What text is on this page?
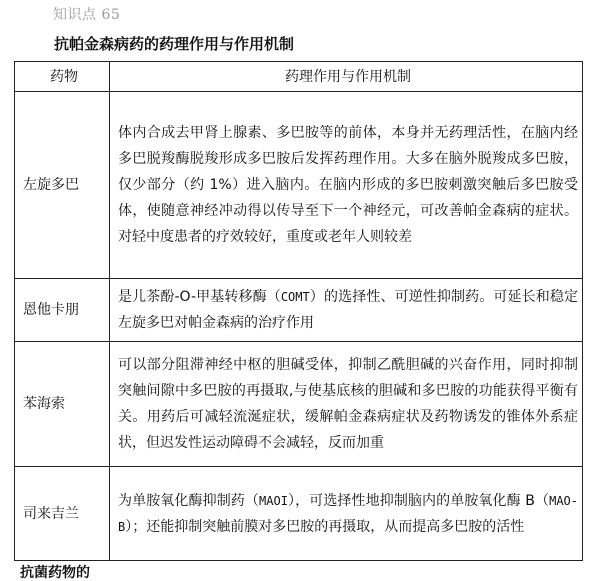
知识点 65
抗帕金森病药的药理作用与作用机制
药物	药理作用与作用机制
左旋多巴	体内合成去甲肾上腺素、多巴胺等的前体，本身并无药理活性，在脑内经多巴脱羧酶脱羧形成多巴胺后发挥药理作用。大多在脑外脱羧成多巴胺，仅少部分（约 1%）进入脑内。在脑内形成的多巴胺刺激突触后多巴胺受体，使随意神经冲动得以传导至下一个神经元，可改善帕金森病的症状。对轻中度患者的疗效较好，重度或老年人则较差
恩他卡朋	是儿茶酚-O-甲基转移酶（COMT）的选择性、可逆性抑制药。可延长和稳定左旋多巴对帕金森病的治疗作用
苯海索	可以部分阻滞神经中枢的胆碱受体，抑制乙酰胆碱的兴奋作用，同时抑制突触间隙中多巴胺的再摄取,与使基底核的胆碱和多巴胺的功能获得平衡有关。用药后可减轻流涎症状，缓解帕金森病症状及药物诱发的锥体外系症状，但迟发性运动障碍不会减轻，反而加重
司来吉兰	为单胺氧化酶抑制药（MAOI），可选择性地抑制脑内的单胺氧化酶 B（MAO-B）；还能抑制突触前膜对多巴胺的再摄取，从而提高多巴胺的活性
抗菌药物的
